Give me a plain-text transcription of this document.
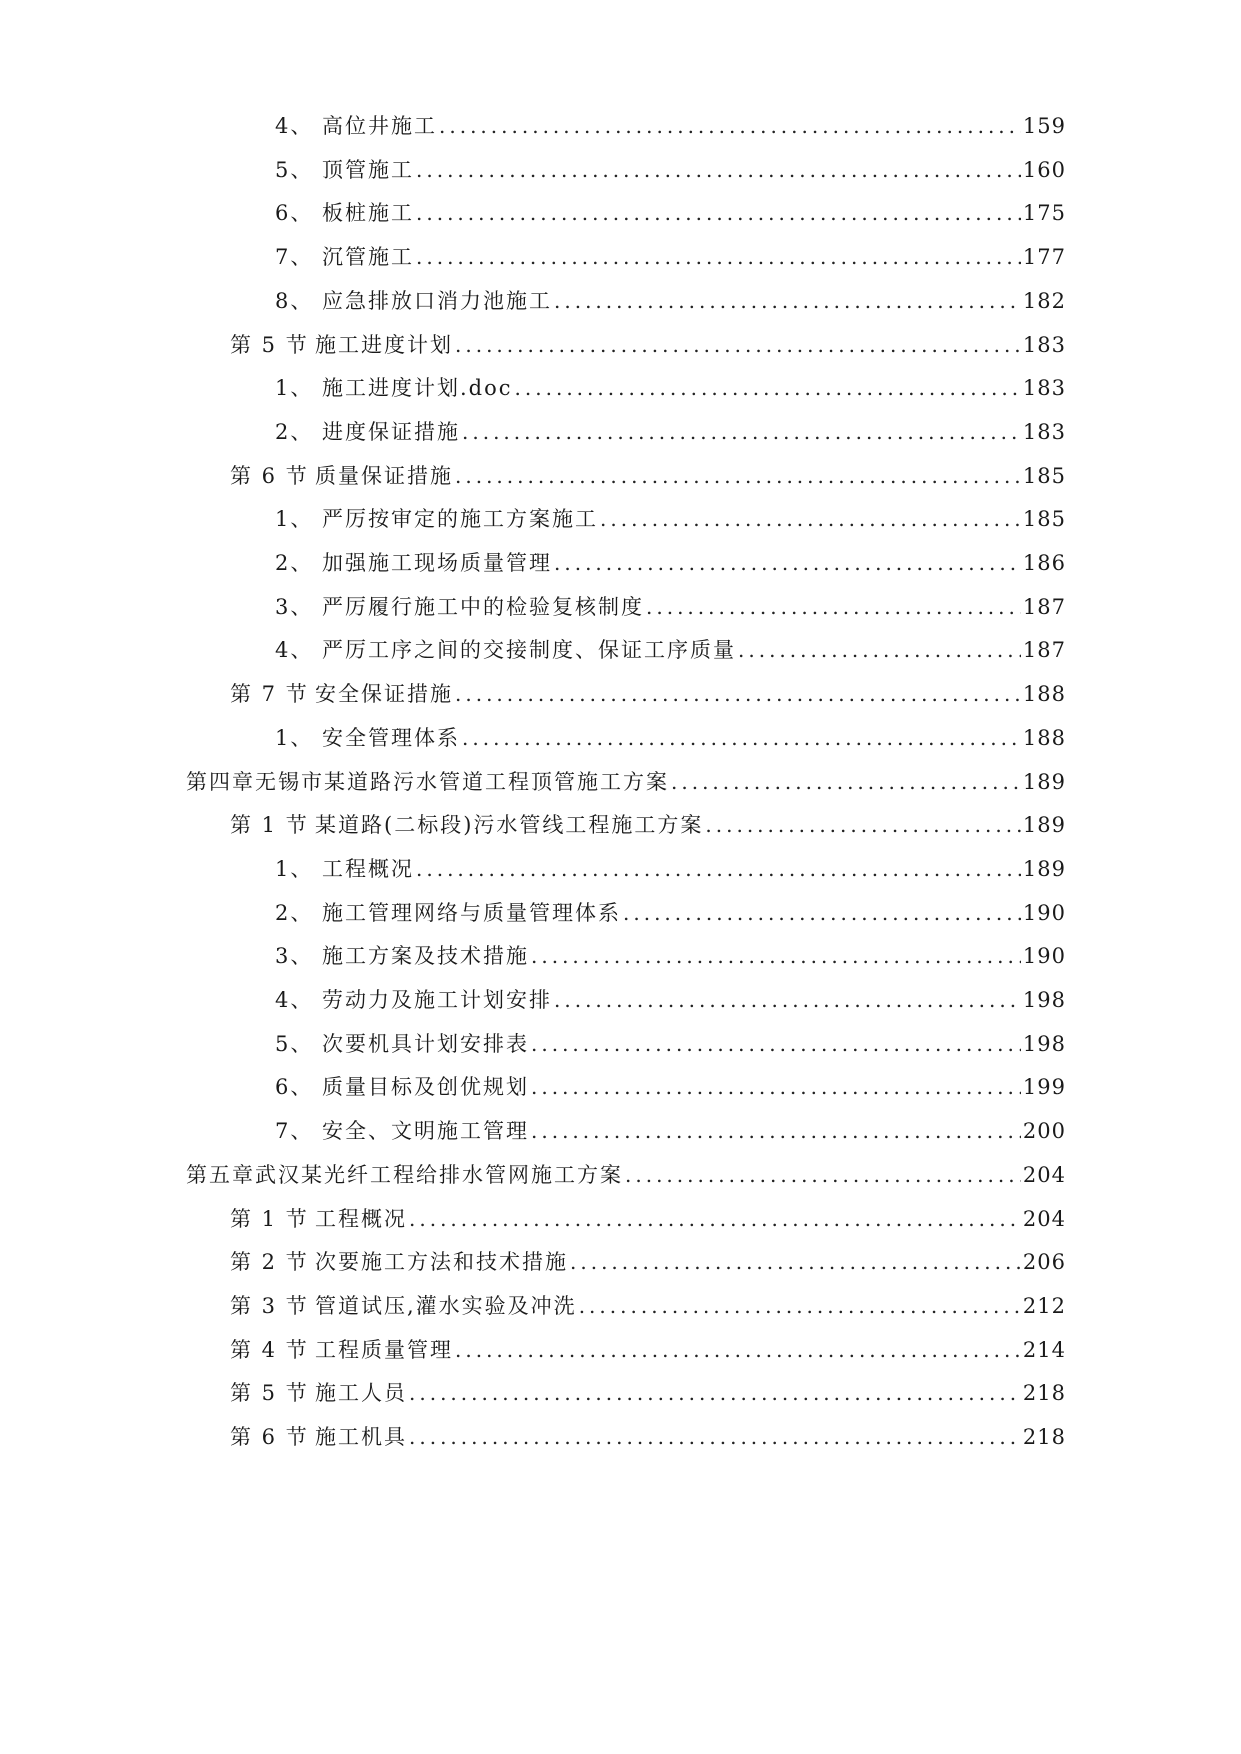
4、 高位井施工 .....	159
5、 顶管施工 .....	160
6、 板桩施工 .....	175
7、 沉管施工 .....	177
8、 应急排放口消力池施工 .....	182
第 5 节 施工进度计划 .....	183
1、 施工进度计划.doc .....	183
2、 进度保证措施 .....	183
第 6 节 质量保证措施 .....	185
1、 严厉按审定的施工方案施工 .....	185
2、 加强施工现场质量管理 .....	186
3、 严厉履行施工中的检验复核制度 .....	187
4、 严厉工序之间的交接制度、保证工序质量 .....	187
第 7 节 安全保证措施 .....	188
1、 安全管理体系 .....	188
第四章 无锡市某道路污水管道工程顶管施工方案 .....	189
第 1 节 某道路(二标段)污水管线工程施工方案 .....	189
1、 工程概况 .....	189
2、 施工管理网络与质量管理体系 .....	190
3、 施工方案及技术措施 .....	190
4、 劳动力及施工计划安排 .....	198
5、 次要机具计划安排表 .....	198
6、 质量目标及创优规划 .....	199
7、 安全、文明施工管理 .....	200
第五章 武汉某光纤工程给排水管网施工方案 .....	204
第 1 节 工程概况 .....	204
第 2 节 次要施工方法和技术措施 .....	206
第 3 节 管道试压,灌水实验及冲洗 .....	212
第 4 节 工程质量管理 .....	214
第 5 节 施工人员 .....	218
第 6 节 施工机具 .....	218
